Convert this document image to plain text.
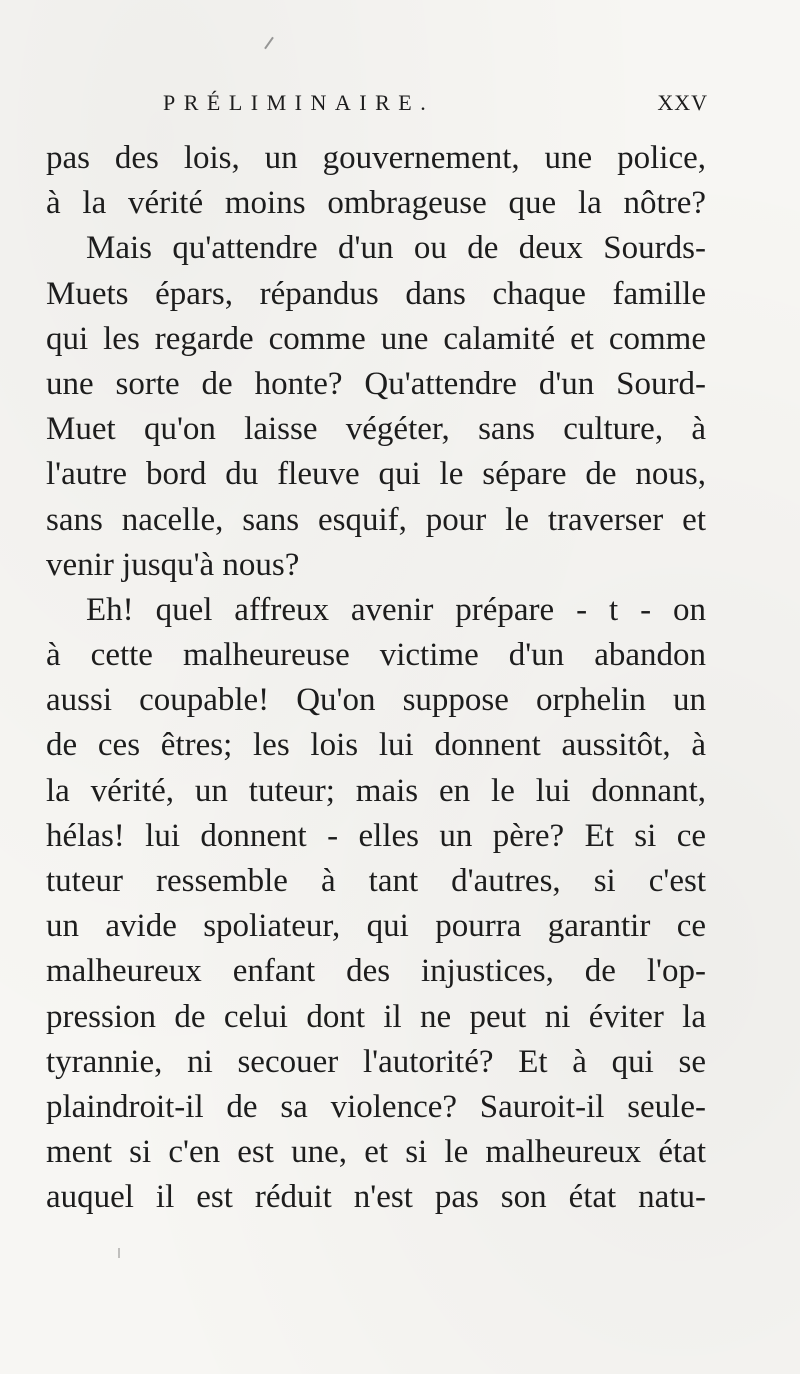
PRÉLIMINAIRE.	XXV
pas des lois, un gouvernement, une police,
à la vérité moins ombrageuse que la nôtre?
Mais qu'attendre d'un ou de deux Sourds-
Muets épars, répandus dans chaque famille
qui les regarde comme une calamité et comme
une sorte de honte? Qu'attendre d'un Sourd-
Muet qu'on laisse végéter, sans culture, à
l'autre bord du fleuve qui le sépare de nous,
sans nacelle, sans esquif, pour le traverser et
venir jusqu'à nous?
Eh! quel affreux avenir prépare - t - on
à cette malheureuse victime d'un abandon
aussi coupable! Qu'on suppose orphelin un
de ces êtres; les lois lui donnent aussitôt, à
la vérité, un tuteur; mais en le lui donnant,
hélas! lui donnent - elles un père? Et si ce
tuteur ressemble à tant d'autres, si c'est
un avide spoliateur, qui pourra garantir ce
malheureux enfant des injustices, de l'op-
pression de celui dont il ne peut ni éviter la
tyrannie, ni secouer l'autorité? Et à qui se
plaindroit-il de sa violence? Sauroit-il seule-
ment si c'en est une, et si le malheureux état
auquel il est réduit n'est pas son état natu-
